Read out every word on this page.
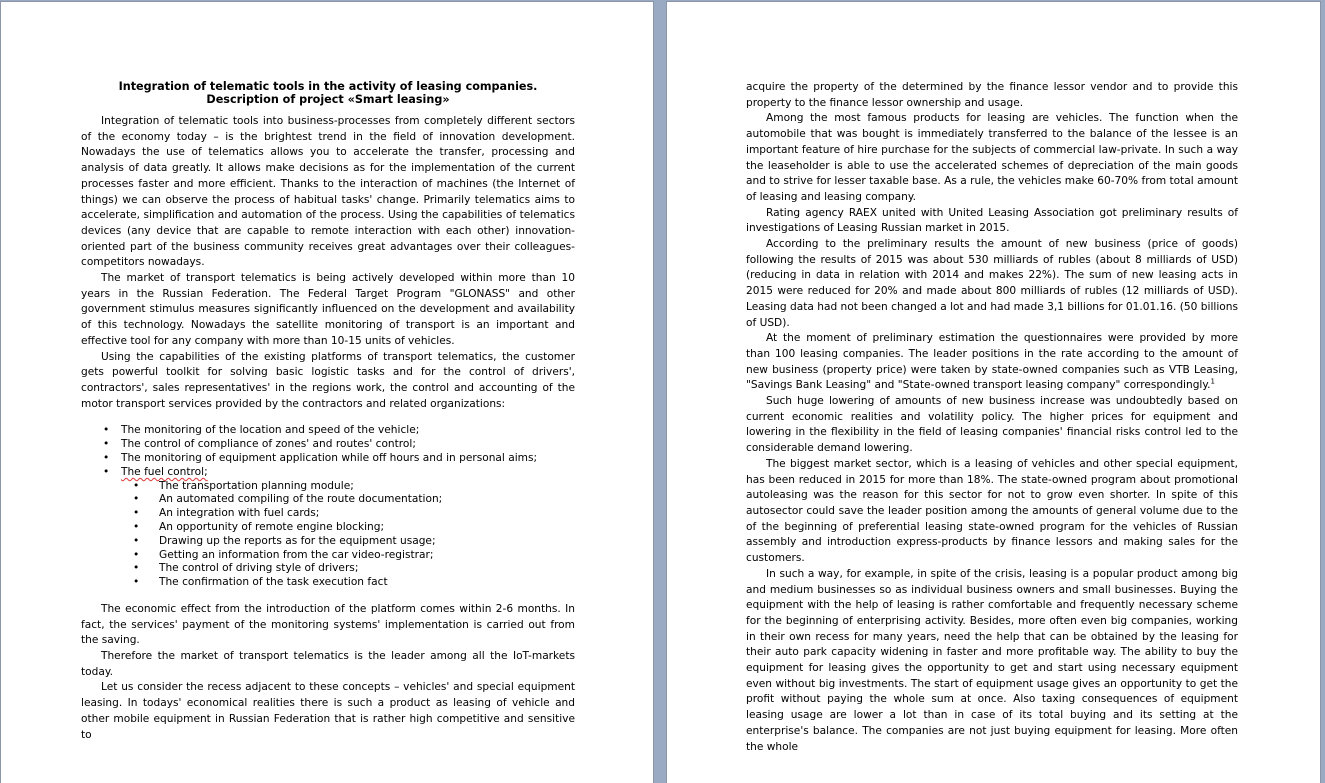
Integration of telematic tools in the activity of leasing companies. Description of project «Smart leasing»

Integration of telematic tools into business-processes from completely different sectors of the economy today – is the brightest trend in the field of innovation development. Nowadays the use of telematics allows you to accelerate the transfer, processing and analysis of data greatly. It allows make decisions as for the implementation of the current processes faster and more efficient. Thanks to the interaction of machines (the Internet of things) we can observe the process of habitual tasks' change. Primarily telematics aims to accelerate, simplification and automation of the process. Using the capabilities of telematics devices (any device that are capable to remote interaction with each other) innovation-oriented part of the business community receives great advantages over their colleagues-competitors nowadays.

The market of transport telematics is being actively developed within more than 10 years in the Russian Federation. The Federal Target Program "GLONASS" and other government stimulus measures significantly influenced on the development and availability of this technology. Nowadays the satellite monitoring of transport is an important and effective tool for any company with more than 10-15 units of vehicles.

Using the capabilities of the existing platforms of transport telematics, the customer gets powerful toolkit for solving basic logistic tasks and for the control of drivers', contractors', sales representatives' in the regions work, the control and accounting of the motor transport services provided by the contractors and related organizations:

• The monitoring of the location and speed of the vehicle;
• The control of compliance of zones' and routes' control;
• The monitoring of equipment application while off hours and in personal aims;
• The fuel control;
• The transportation planning module;
• An automated compiling of the route documentation;
• An integration with fuel cards;
• An opportunity of remote engine blocking;
• Drawing up the reports as for the equipment usage;
• Getting an information from the car video-registrar;
• The control of driving style of drivers;
• The confirmation of the task execution fact

The economic effect from the introduction of the platform comes within 2-6 months. In fact, the services' payment of the monitoring systems' implementation is carried out from the saving.

Therefore the market of transport telematics is the leader among all the IoT-markets today.

Let us consider the recess adjacent to these concepts – vehicles' and special equipment leasing. In todays' economical realities there is such a product as leasing of vehicle and other mobile equipment in Russian Federation that is rather high competitive and sensitive to

acquire the property of the determined by the finance lessor vendor and to provide this property to the finance lessor ownership and usage.

Among the most famous products for leasing are vehicles. The function when the automobile that was bought is immediately transferred to the balance of the lessee is an important feature of hire purchase for the subjects of commercial law-private. In such a way the leaseholder is able to use the accelerated schemes of depreciation of the main goods and to strive for lesser taxable base. As a rule, the vehicles make 60-70% from total amount of leasing and leasing company.

Rating agency RAEX united with United Leasing Association got preliminary results of investigations of Leasing Russian market in 2015.

According to the preliminary results the amount of new business (price of goods) following the results of 2015 was about 530 milliards of rubles (about 8 milliards of USD) (reducing in data in relation with 2014 and makes 22%). The sum of new leasing acts in 2015 were reduced for 20% and made about 800 milliards of rubles (12 milliards of USD). Leasing data had not been changed a lot and had made 3,1 billions for 01.01.16. (50 billions of USD).

At the moment of preliminary estimation the questionnaires were provided by more than 100 leasing companies. The leader positions in the rate according to the amount of new business (property price) were taken by state-owned companies such as VTB Leasing, "Savings Bank Leasing" and "State-owned transport leasing company" correspondingly.$^1$

Such huge lowering of amounts of new business increase was undoubtedly based on current economic realities and volatility policy. The higher prices for equipment and lowering in the flexibility in the field of leasing companies' financial risks control led to the considerable demand lowering.

The biggest market sector, which is a leasing of vehicles and other special equipment, has been reduced in 2015 for more than 18%. The state-owned program about promotional autoleasing was the reason for this sector for not to grow even shorter. In spite of this autosector could save the leader position among the amounts of general volume due to the of the beginning of preferential leasing state-owned program for the vehicles of Russian assembly and introduction express-products by finance lessors and making sales for the customers.

In such a way, for example, in spite of the crisis, leasing is a popular product among big and medium businesses so as individual business owners and small businesses. Buying the equipment with the help of leasing is rather comfortable and frequently necessary scheme for the beginning of enterprising activity. Besides, more often even big companies, working in their own recess for many years, need the help that can be obtained by the leasing for their auto park capacity widening in faster and more profitable way. The ability to buy the equipment for leasing gives the opportunity to get and start using necessary equipment even without big investments. The start of equipment usage gives an opportunity to get the profit without paying the whole sum at once. Also taxing consequences of equipment leasing usage are lower a lot than in case of its total buying and its setting at the enterprise's balance. The companies are not just buying equipment for leasing. More often the whole
